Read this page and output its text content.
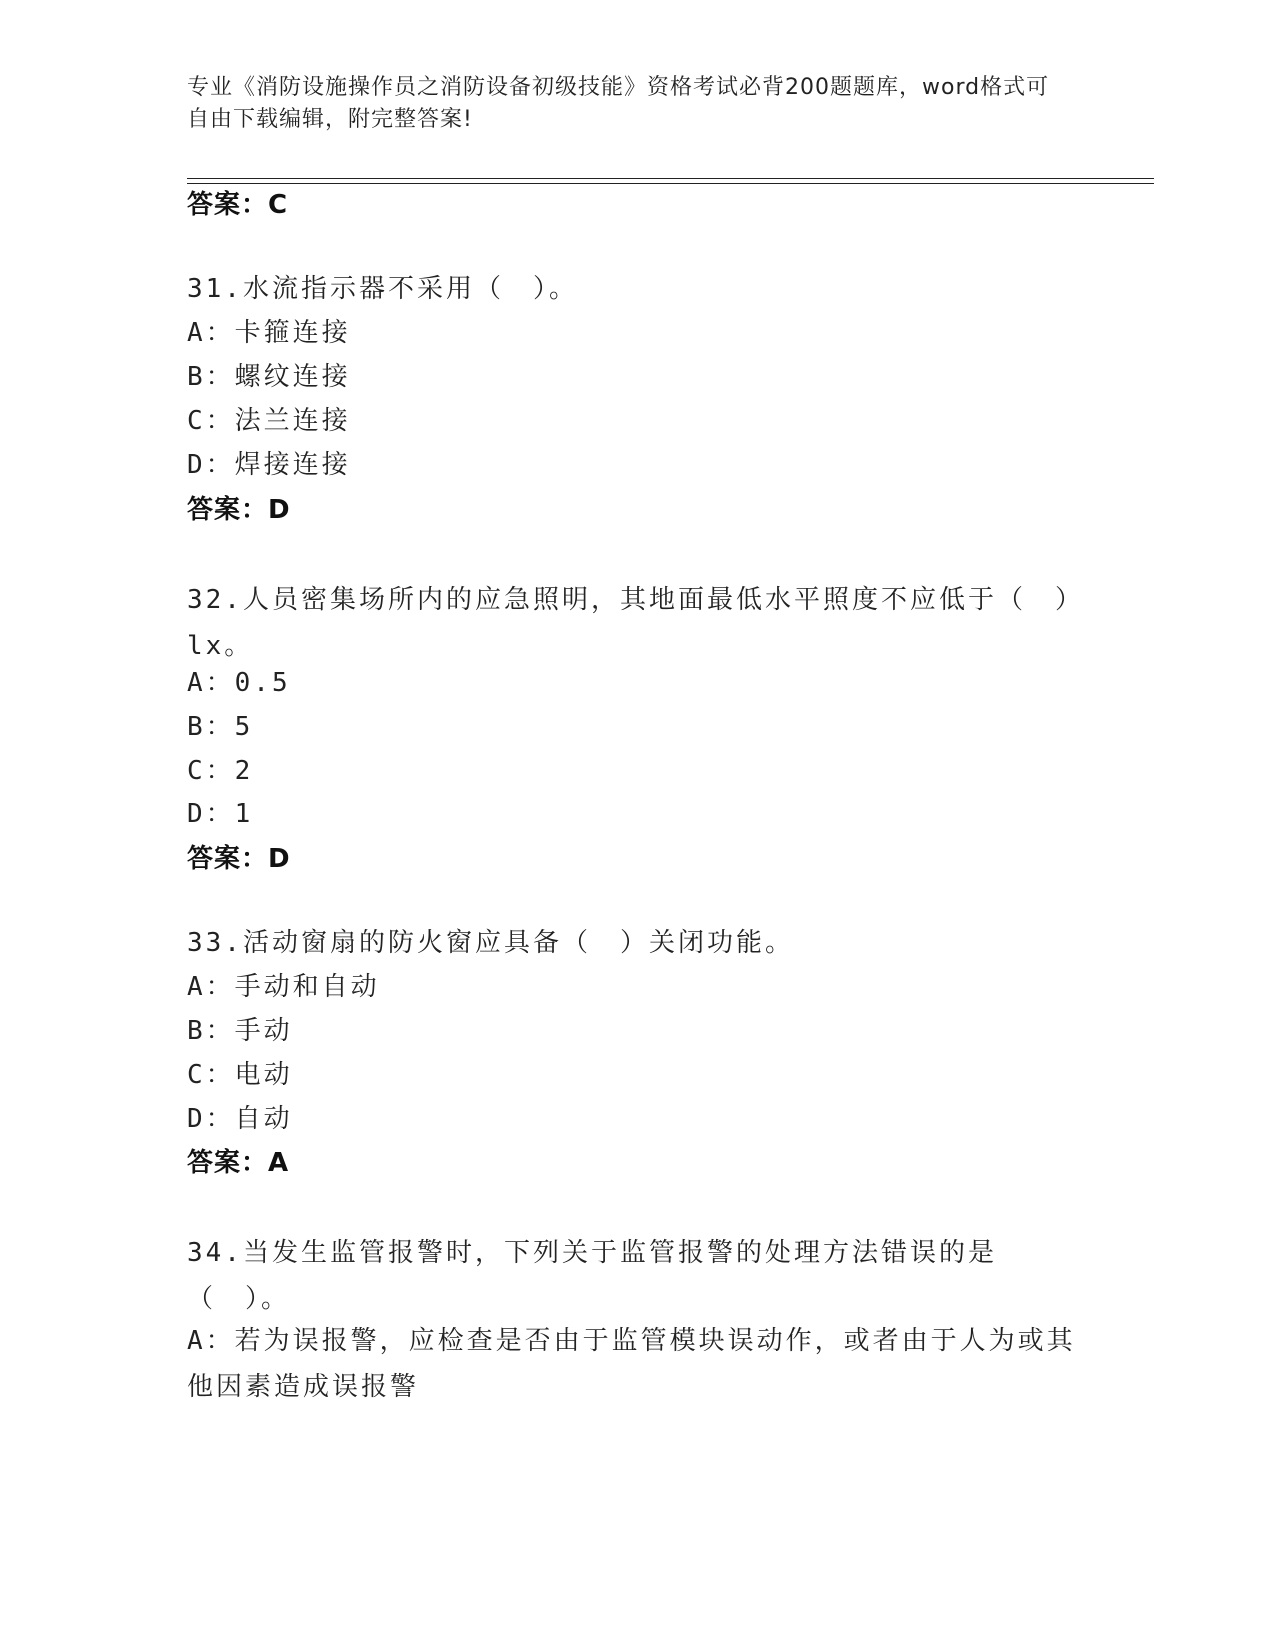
专业《消防设施操作员之消防设备初级技能》资格考试必背200题题库，word格式可自由下载编辑，附完整答案!
答案：C
31.水流指示器不采用（　）。
A：卡箍连接
B：螺纹连接
C：法兰连接
D：焊接连接
答案：D
32.人员密集场所内的应急照明，其地面最低水平照度不应低于（　）lx。
A：0.5
B：5
C：2
D：1
答案：D
33.活动窗扇的防火窗应具备（　）关闭功能。
A：手动和自动
B：手动
C：电动
D：自动
答案：A
34.当发生监管报警时，下列关于监管报警的处理方法错误的是（　）。
A：若为误报警，应检查是否由于监管模块误动作，或者由于人为或其他因素造成误报警
